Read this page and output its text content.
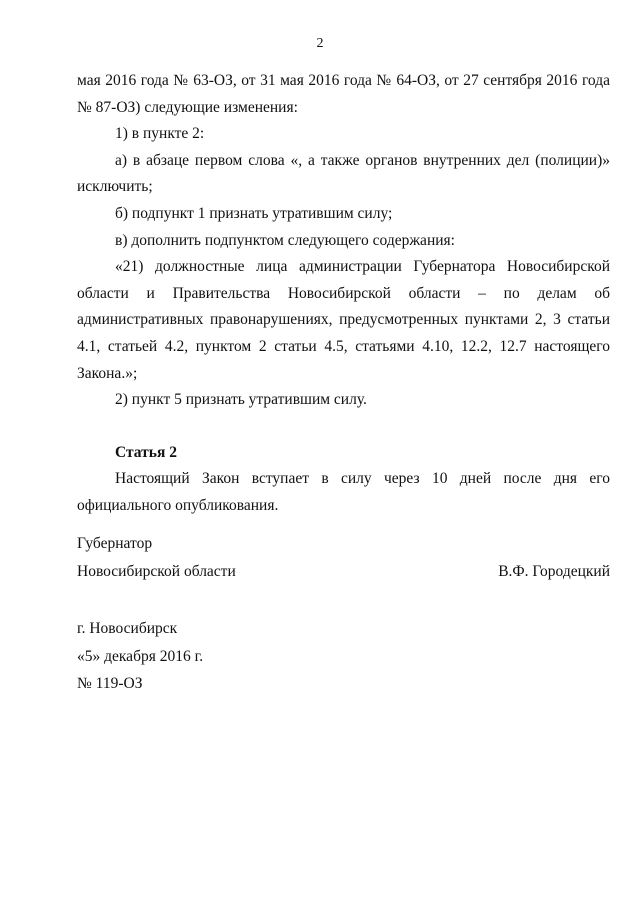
2

мая 2016 года № 63-ОЗ, от 31 мая 2016 года № 64-ОЗ, от 27 сентября 2016 года

№ 87-ОЗ) следующие изменения:

1) в пункте 2:

а) в абзаце первом слова «, а также органов внутренних дел (полиции)» исключить;

б) подпункт 1 признать утратившим силу;

в) дополнить подпунктом следующего содержания:

«21) должностные лица администрации Губернатора Новосибирской области и Правительства Новосибирской области – по делам об административных правонарушениях, предусмотренных пунктами 2, 3 статьи 4.1, статьей 4.2, пунктом 2 статьи 4.5, статьями 4.10, 12.2, 12.7 настоящего Закона.»;

2) пункт 5 признать утратившим силу.

Статья 2

Настоящий Закон вступает в силу через 10 дней после дня его официального опубликования.

Губернатор
Новосибирской области	В.Ф. Городецкий
г. Новосибирск
«5» декабря 2016 г.
№ 119-ОЗ
